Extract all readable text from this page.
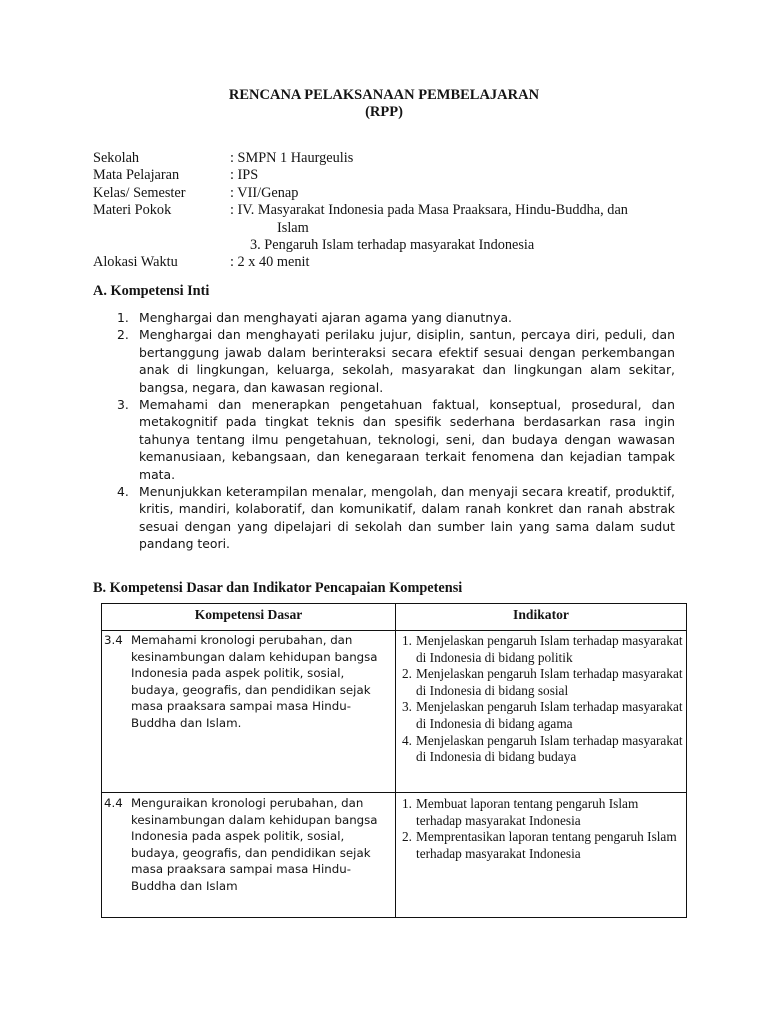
RENCANA PELAKSANAAN PEMBELAJARAN
(RPP)
Sekolah	: SMPN 1 Haurgeulis
Mata Pelajaran	: IPS
Kelas/ Semester	: VII/Genap
Materi Pokok	: IV. Masyarakat Indonesia pada Masa Praaksara, Hindu-Buddha, dan
Islam
3. Pengaruh Islam terhadap masyarakat Indonesia
Alokasi Waktu	: 2 x 40 menit
A. Kompetensi Inti
1. Menghargai dan menghayati ajaran agama yang dianutnya.
2. Menghargai dan menghayati perilaku jujur, disiplin, santun, percaya diri, peduli, dan bertanggung jawab dalam berinteraksi secara efektif sesuai dengan perkembangan anak di lingkungan, keluarga, sekolah, masyarakat dan lingkungan alam sekitar, bangsa, negara, dan kawasan regional.
3. Memahami dan menerapkan pengetahuan faktual, konseptual, prosedural, dan metakognitif pada tingkat teknis dan spesifik sederhana berdasarkan rasa ingin tahunya tentang ilmu pengetahuan, teknologi, seni, dan budaya dengan wawasan kemanusiaan, kebangsaan, dan kenegaraan terkait fenomena dan kejadian tampak mata.
4. Menunjukkan keterampilan menalar, mengolah, dan menyaji secara kreatif, produktif, kritis, mandiri, kolaboratif, dan komunikatif, dalam ranah konkret dan ranah abstrak sesuai dengan yang dipelajari di sekolah dan sumber lain yang sama dalam sudut pandang teori.
B. Kompetensi Dasar dan Indikator Pencapaian Kompetensi
Kompetensi Dasar	Indikator
3.4 Memahami kronologi perubahan, dan kesinambungan dalam kehidupan bangsa Indonesia pada aspek politik, sosial, budaya, geografis, dan pendidikan sejak masa praaksara sampai masa Hindu-Buddha dan Islam.
1. Menjelaskan pengaruh Islam terhadap masyarakat di Indonesia di bidang politik
2. Menjelaskan pengaruh Islam terhadap masyarakat di Indonesia di bidang sosial
3. Menjelaskan pengaruh Islam terhadap masyarakat di Indonesia di bidang agama
4. Menjelaskan pengaruh Islam terhadap masyarakat di Indonesia di bidang budaya
4.4 Menguraikan kronologi perubahan, dan kesinambungan dalam kehidupan bangsa Indonesia pada aspek politik, sosial, budaya, geografis, dan pendidikan sejak masa praaksara sampai masa Hindu-Buddha dan Islam
1. Membuat laporan tentang pengaruh Islam terhadap masyarakat Indonesia
2. Memprentasikan laporan tentang pengaruh Islam terhadap masyarakat Indonesia
